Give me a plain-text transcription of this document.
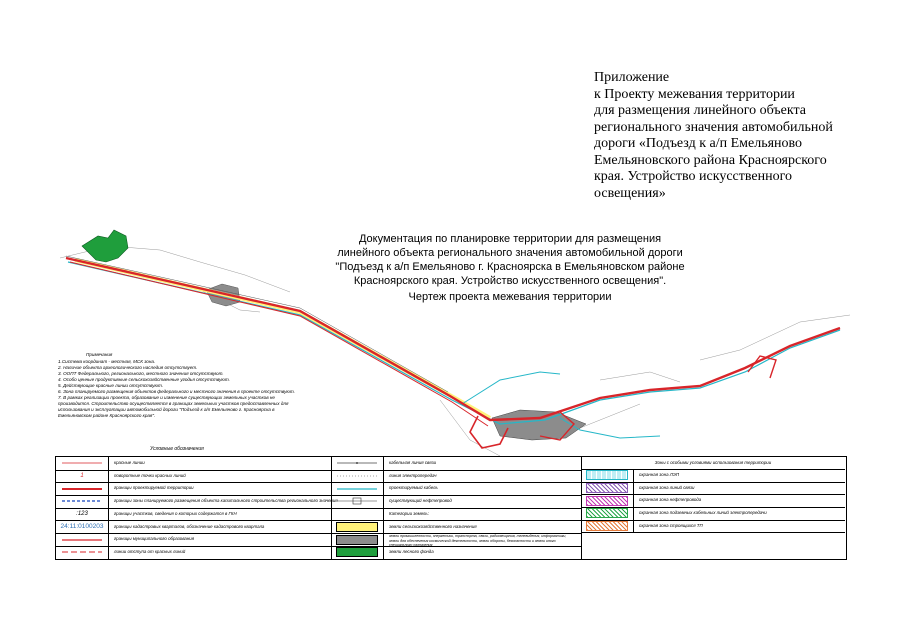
Приложение
к Проекту межевания территории
для размещения линейного объекта
регионального значения автомобильной
дороги «Подъезд к а/п Емельяново
Емельяновского района Красноярского
края. Устройство искусственного
освещения»
Документация по планировке территории для размещения
линейного объекта регионального значения автомобильной дороги
"Подъезд к а/п Емельяново г. Красноярска в Емельяновском районе
Красноярского края. Устройство искусственного освещения".
Чертеж проекта межевания территории
Примечания
1.Система координат - местная, МСК зона.
2. Наличие объекта археологического наследия отсутствует.
3. ООПТ Федерального, регионального, местного значения отсутствуют.
4. Особо ценные продуктивные сельскохозяйственные угодья отсутствуют.
5. Действующие красные линии отсутствуют.
6. Зона планируемого размещения объектов федерального и местного значения в проекте отсутствуют.
7. В рамках реализации проекта, образование и изменение существующих земельных участков не производится. Строительство осуществляется в границах земельных участков предоставленных для использования и эксплуатации автомобильной дороги "Подъезд к а/п Емельяново г. Красноярска в Емельяновском районе Красноярского края".
Условные обозначения
красные линии
1	поворотные точки красных линий
границы проектируемой территории
границы зоны планируемого размещения объекта капитального строительства регионального значения
:123	границы участков, сведения о которых содержатся в ГКН
24:11:0100203	границы кадастровых кварталов, обозначение кадастрового квартала
границы муниципального образования
линии отступа от красных линий
кабельная линия связи
линия электропередач
проектируемый кабель
существующий нефтепровод
Категории земель:
земли сельскохозяйственного назначения
земли промышленности, энергетики, транспорта, связи, радиовещания, телевидения, информатики, земли для обеспечения космической деятельности, земли обороны, безопасности и земли иного специального назначения
земли лесного фонда
Зоны с особыми условиями использования территории
охранная зона ЛЭП
охранная зона линий связи
охранная зона нефтепровода
охранная зона подземных кабельных линий электропередачи
охранная зона строящихся ТП
